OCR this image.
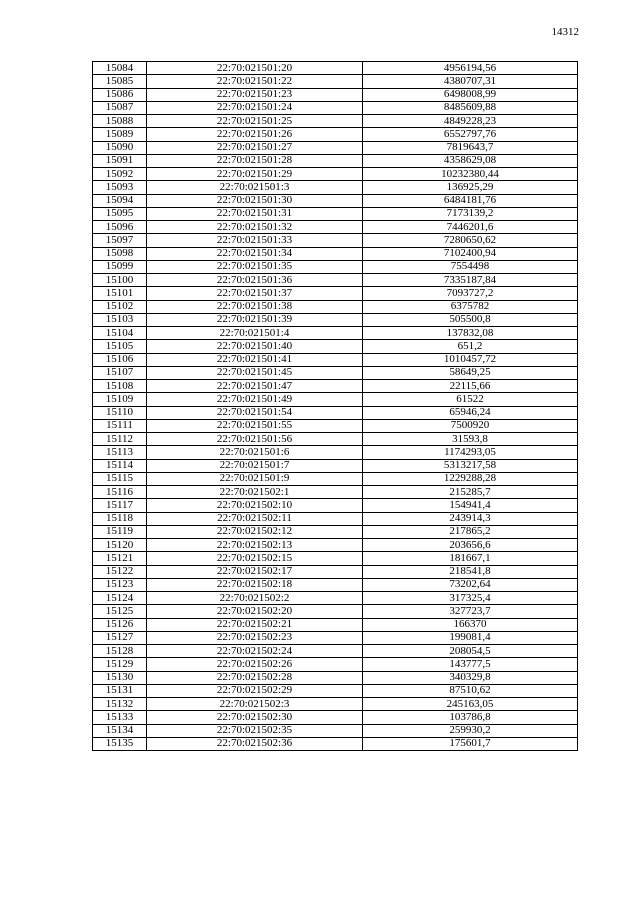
14312
15084	22:70:021501:20	4956194,56
15085	22:70:021501:22	4380707,31
15086	22:70:021501:23	6498008,99
15087	22:70:021501:24	8485609,88
15088	22:70:021501:25	4849228,23
15089	22:70:021501:26	6552797,76
15090	22:70:021501:27	7819643,7
15091	22:70:021501:28	4358629,08
15092	22:70:021501:29	10232380,44
15093	22:70:021501:3	136925,29
15094	22:70:021501:30	6484181,76
15095	22:70:021501:31	7173139,2
15096	22:70:021501:32	7446201,6
15097	22:70:021501:33	7280650,62
15098	22:70:021501:34	7102400,94
15099	22:70:021501:35	7554498
15100	22:70:021501:36	7335187,84
15101	22:70:021501:37	7093727,2
15102	22:70:021501:38	6375782
15103	22:70:021501:39	505500,8
15104	22:70:021501:4	137832,08
15105	22:70:021501:40	651,2
15106	22:70:021501:41	1010457,72
15107	22:70:021501:45	58649,25
15108	22:70:021501:47	22115,66
15109	22:70:021501:49	61522
15110	22:70:021501:54	65946,24
15111	22:70:021501:55	7500920
15112	22:70:021501:56	31593,8
15113	22:70:021501:6	1174293,05
15114	22:70:021501:7	5313217,58
15115	22:70:021501:9	1229288,28
15116	22:70:021502:1	215285,7
15117	22:70:021502:10	154941,4
15118	22:70:021502:11	243914,3
15119	22:70:021502:12	217865,2
15120	22:70:021502:13	203656,6
15121	22:70:021502:15	181667,1
15122	22:70:021502:17	218541,8
15123	22:70:021502:18	73202,64
15124	22:70:021502:2	317325,4
15125	22:70:021502:20	327723,7
15126	22:70:021502:21	166370
15127	22:70:021502:23	199081,4
15128	22:70:021502:24	208054,5
15129	22:70:021502:26	143777,5
15130	22:70:021502:28	340329,8
15131	22:70:021502:29	87510,62
15132	22:70:021502:3	245163,05
15133	22:70:021502:30	103786,8
15134	22:70:021502:35	259930,2
15135	22:70:021502:36	175601,7
